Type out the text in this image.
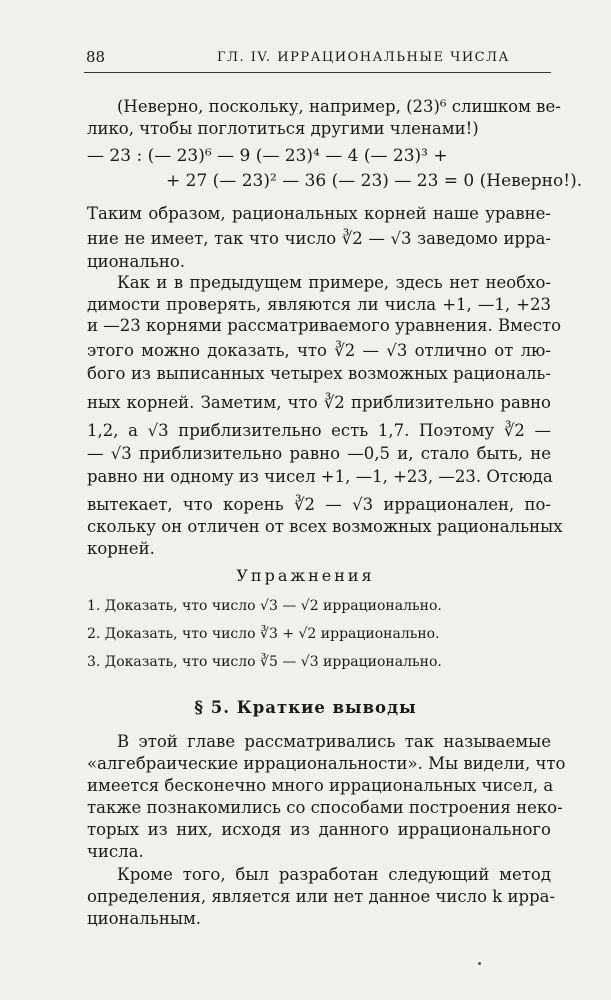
88	ГЛ. IV. ИРРАЦИОНАЛЬНЫЕ ЧИСЛА
(Неверно, поскольку, например, (23)⁶ слишком ве-
лико, чтобы поглотиться другими членами!)
— 23 : (— 23)⁶ — 9 (— 23)⁴ — 4 (— 23)³ +
+ 27 (— 23)² — 36 (— 23) — 23 = 0 (Неверно!).
Таким образом, рациональных корней наше уравне-
ние не имеет, так что число ∛2 — √3 заведомо ирра-
ционально.
Как и в предыдущем примере, здесь нет необхо-
димости проверять, являются ли числа +1, —1, +23
и —23 корнями рассматриваемого уравнения. Вместо
этого можно доказать, что ∛2 — √3 отлично от лю-
бого из выписанных четырех возможных рациональ-
ных корней. Заметим, что ∛2 приблизительно равно
1,2, а √3 приблизительно есть 1,7. Поэтому ∛2 —
— √3 приблизительно равно —0,5 и, стало быть, не
равно ни одному из чисел +1, —1, +23, —23. Отсюда
вытекает, что корень ∛2 — √3 иррационален, по-
скольку он отличен от всех возможных рациональных
корней.
Упражнения
1. Доказать, что число √3 — √2 иррационально.
2. Доказать, что число ∛3 + √2 иррационально.
3. Доказать, что число ∛5 — √3 иррационально.
§ 5. Краткие выводы
В этой главе рассматривались так называемые
«алгебраические иррациональности». Мы видели, что
имеется бесконечно много иррациональных чисел, а
также познакомились со способами построения неко-
торых из них, исходя из данного иррационального
числа.
Кроме того, был разработан следующий метод
определения, является или нет данное число k ирра-
циональным.
